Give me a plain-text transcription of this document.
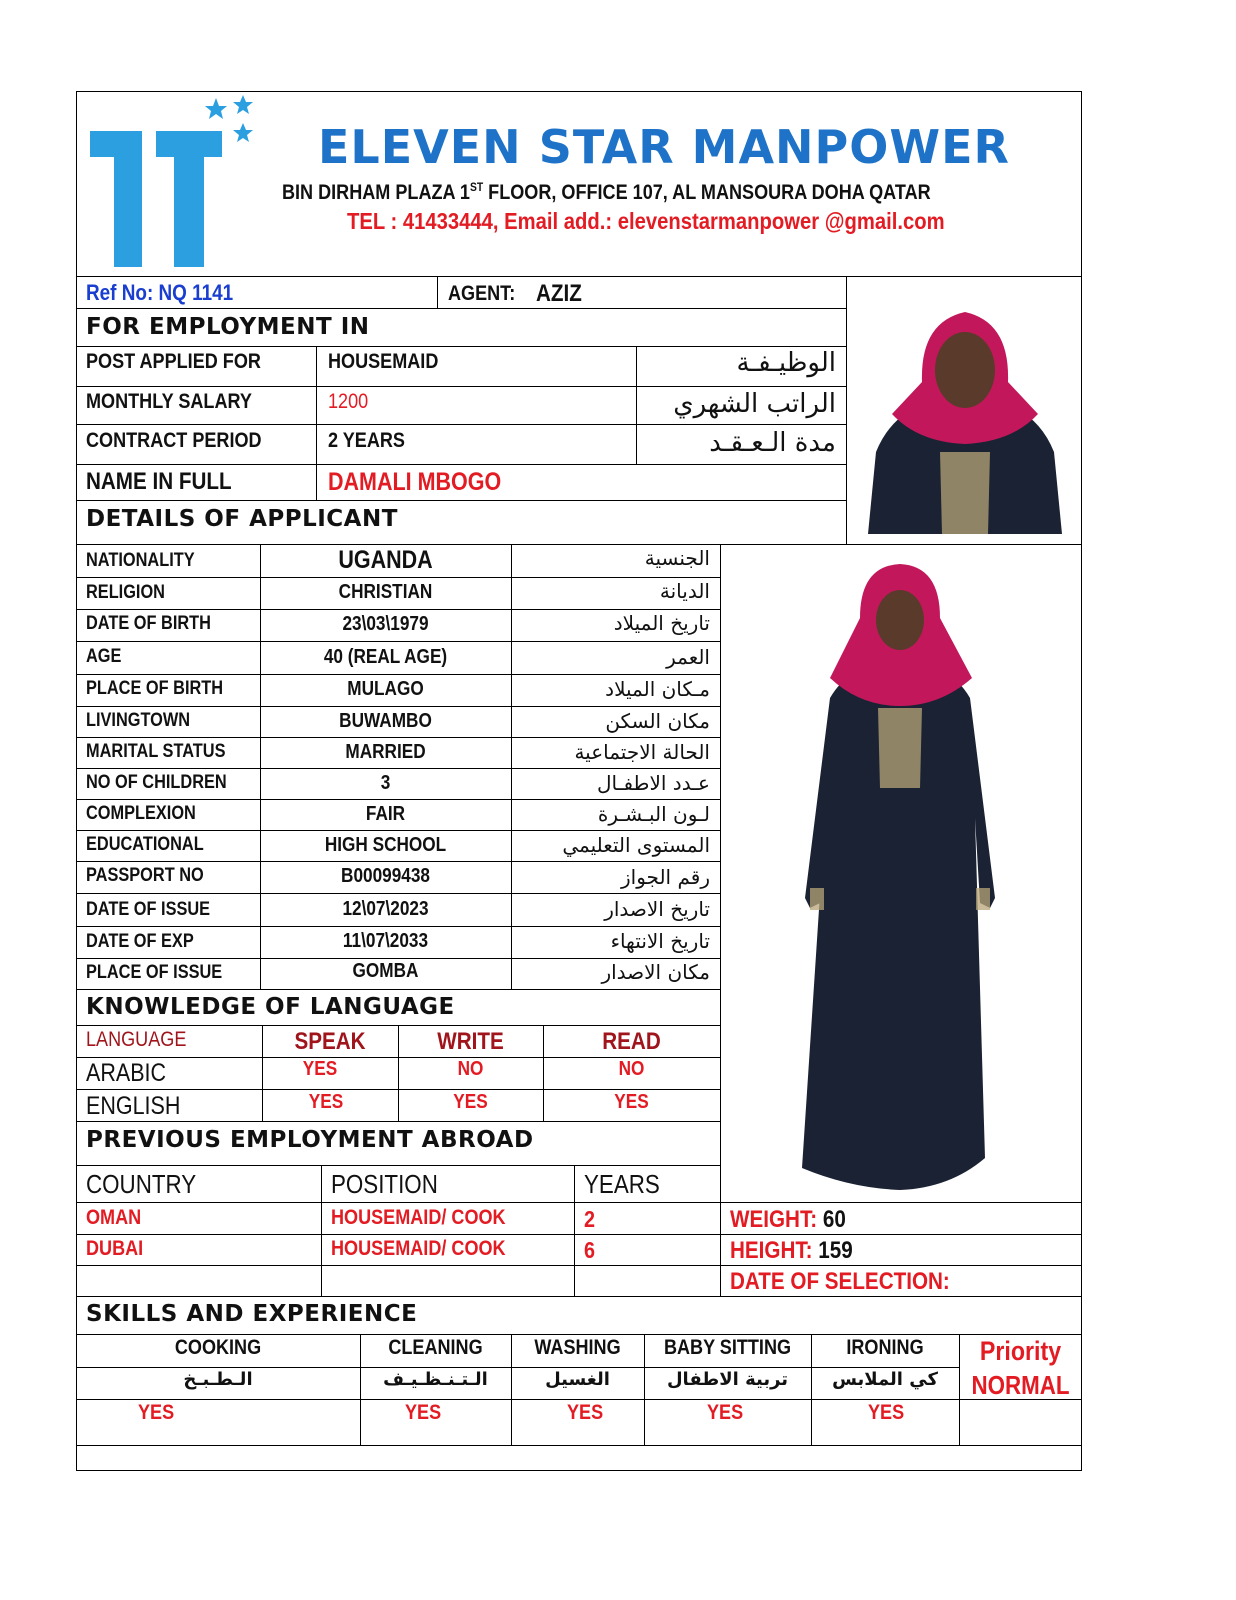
ELEVEN STAR MANPOWER
BIN DIRHAM PLAZA 1ST FLOOR, OFFICE 107, AL MANSOURA DOHA QATAR
TEL : 41433444, Email add.: elevenstarmanpower @gmail.com
Ref No: NQ 1141	AGENT: AZIZ
FOR EMPLOYMENT IN
POST APPLIED FOR	HOUSEMAID	الوظيـفـة
MONTHLY SALARY	1200	الراتب الشهري
CONTRACT PERIOD	2 YEARS	مدة الـعـقـد
NAME IN FULL	DAMALI MBOGO
DETAILS OF APPLICANT
NATIONALITY	UGANDA	الجنسية
RELIGION	CHRISTIAN	الديانة
DATE OF BIRTH	23\03\1979	تاريخ الميلاد
AGE	40 (REAL AGE)	العمر
PLACE OF BIRTH	MULAGO	مـكان الميلاد
LIVINGTOWN	BUWAMBO	مكان السكن
MARITAL STATUS	MARRIED	الحالة الاجتماعية
NO OF CHILDREN	3	عـدد الاطفـال
COMPLEXION	FAIR	لـون البـشـرة
EDUCATIONAL	HIGH SCHOOL	المستوى التعليمي
PASSPORT NO	B00099438	رقم الجواز
DATE OF ISSUE	12\07\2023	تاريخ الاصدار
DATE OF EXP	11\07\2033	تاريخ الانتهاء
PLACE OF ISSUE	GOMBA	مكان الاصدار
KNOWLEDGE OF LANGUAGE
LANGUAGE	SPEAK	WRITE	READ
ARABIC	YES	NO	NO
ENGLISH	YES	YES	YES
PREVIOUS EMPLOYMENT ABROAD
COUNTRY	POSITION	YEARS
OMAN	HOUSEMAID/ COOK	2
DUBAI	HOUSEMAID/ COOK	6
WEIGHT: 60
HEIGHT: 159
DATE OF SELECTION:
SKILLS AND EXPERIENCE
COOKING	CLEANING	WASHING	BABY SITTING	IRONING
الـطـبـخ	الـتـنـظـيـف	الغسيل	تربية الاطفال	كي الملابس
YES	YES	YES	YES	YES
Priority
NORMAL
